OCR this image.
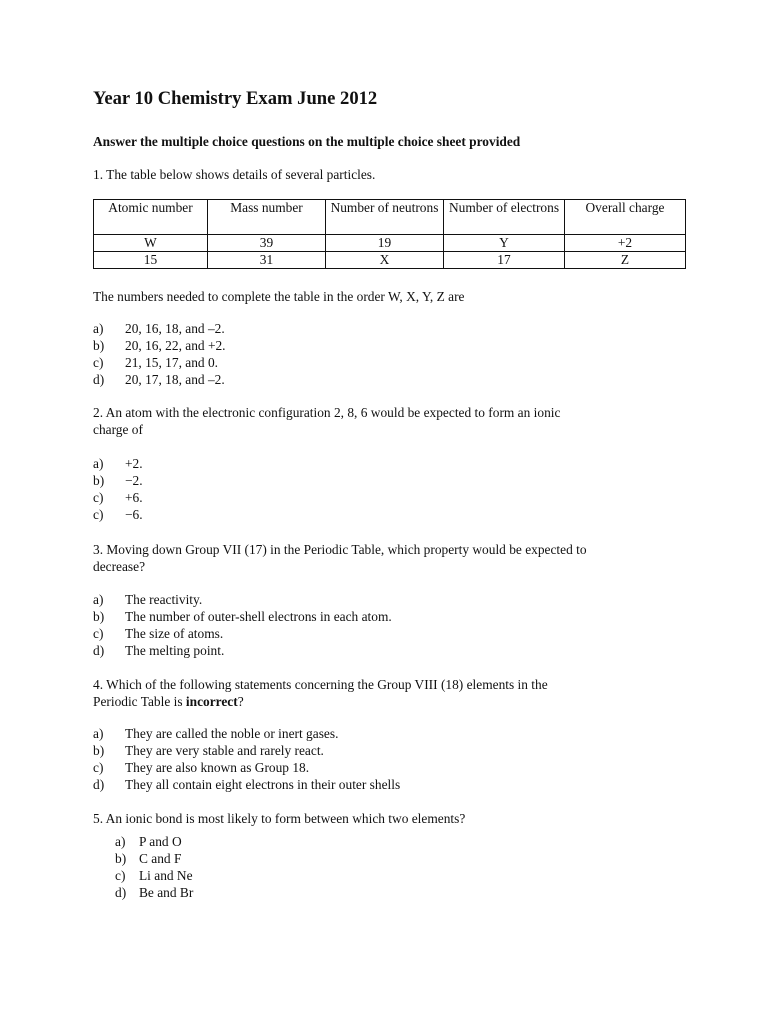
Year 10 Chemistry Exam June 2012
Answer the multiple choice questions on the multiple choice sheet provided

1. The table below shows details of several particles.

Atomic number	Mass number	Number of neutrons	Number of electrons	Overall charge
W	39	19	Y	+2
15	31	X	17	Z

The numbers needed to complete the table in the order W, X, Y, Z are

a) 20, 16, 18, and –2.
b) 20, 16, 22, and +2.
c) 21, 15, 17, and 0.
d) 20, 17, 18, and –2.

2. An atom with the electronic configuration 2, 8, 6 would be expected to form an ionic

charge of

a) +2.
b) −2.
c) +6.
c) −6.

3. Moving down Group VII (17) in the Periodic Table, which property would be expected to

decrease?

a) The reactivity.
b) The number of outer-shell electrons in each atom.
c) The size of atoms.
d) The melting point.

4. Which of the following statements concerning the Group VIII (18) elements in the

Periodic Table is incorrect?

a) They are called the noble or inert gases.
b) They are very stable and rarely react.
c) They are also known as Group 18.
d) They all contain eight electrons in their outer shells

5. An ionic bond is most likely to form between which two elements?

a) P and O
b) C and F
c) Li and Ne
d) Be and Br
